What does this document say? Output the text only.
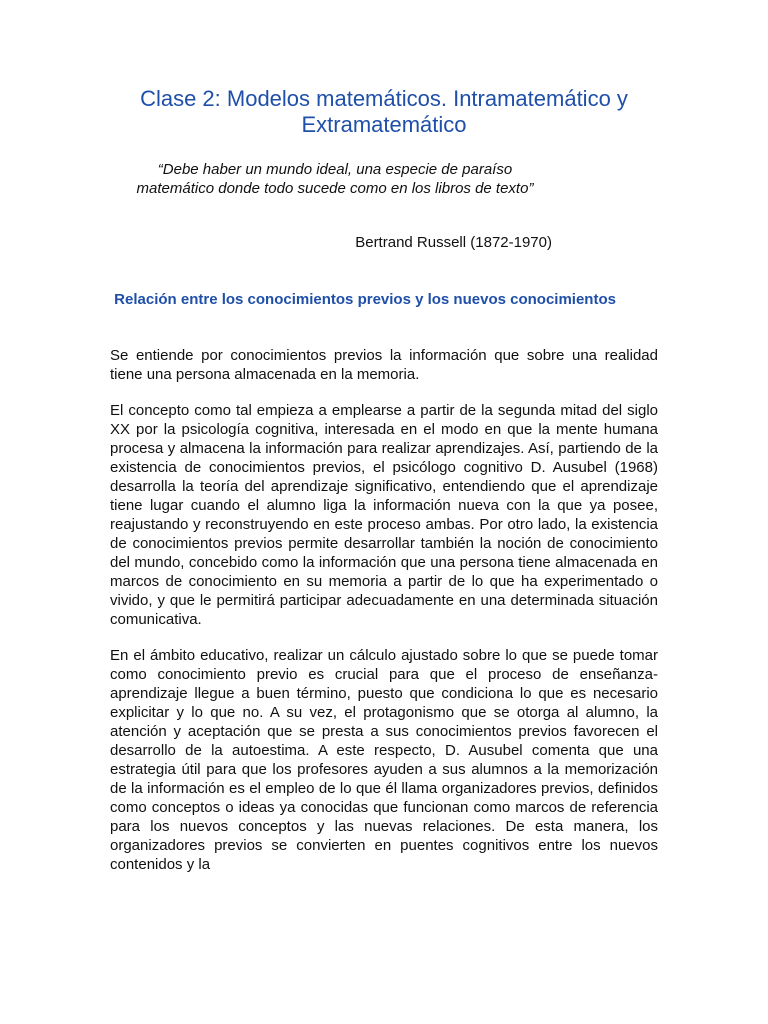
Clase 2: Modelos matemáticos. Intramatemático y Extramatemático

“Debe haber un mundo ideal, una especie de paraíso matemático donde todo sucede como en los libros de texto”

Bertrand Russell (1872-1970)

Relación entre los conocimientos previos y los nuevos conocimientos

Se entiende por conocimientos previos la información que sobre una realidad tiene una persona almacenada en la memoria.

El concepto como tal empieza a emplearse a partir de la segunda mitad del siglo XX por la psicología cognitiva, interesada en el modo en que la mente humana procesa y almacena la información para realizar aprendizajes. Así, partiendo de la existencia de conocimientos previos, el psicólogo cognitivo D. Ausubel (1968) desarrolla la teoría del aprendizaje significativo, entendiendo que el aprendizaje tiene lugar cuando el alumno liga la información nueva con la que ya posee, reajustando y reconstruyendo en este proceso ambas. Por otro lado, la existencia de conocimientos previos permite desarrollar también la noción de conocimiento del mundo, concebido como la información que una persona tiene almacenada en marcos de conocimiento en su memoria a partir de lo que ha experimentado o vivido, y que le permitirá participar adecuadamente en una determinada situación comunicativa.

En el ámbito educativo, realizar un cálculo ajustado sobre lo que se puede tomar como conocimiento previo es crucial para que el proceso de enseñanza-aprendizaje llegue a buen término, puesto que condiciona lo que es necesario explicitar y lo que no. A su vez, el protagonismo que se otorga al alumno, la atención y aceptación que se presta a sus conocimientos previos favorecen el desarrollo de la autoestima. A este respecto, D. Ausubel comenta que una estrategia útil para que los profesores ayuden a sus alumnos a la memorización de la información es el empleo de lo que él llama organizadores previos, definidos como conceptos o ideas ya conocidas que funcionan como marcos de referencia para los nuevos conceptos y las nuevas relaciones. De esta manera, los organizadores previos se convierten en puentes cognitivos entre los nuevos contenidos y la
